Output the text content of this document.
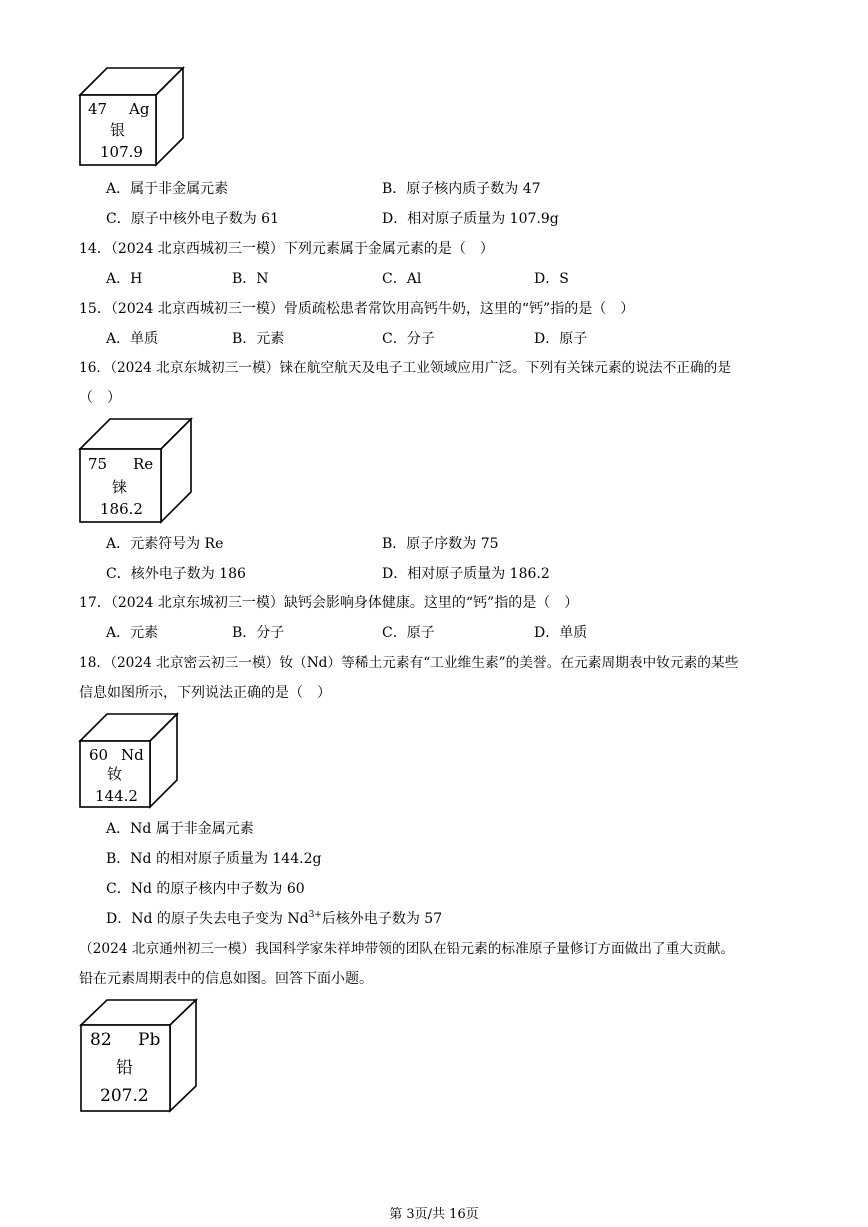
47 Ag
银
107.9
A．属于非金属元素	B．原子核内质子数为 47
C．原子中核外电子数为 61	D．相对原子质量为 107.9g
14．（2024 北京西城初三一模）下列元素属于金属元素的是（　）
A．H	B．N	C．Al	D．S
15．（2024 北京西城初三一模）骨质疏松患者常饮用高钙牛奶，这里的“钙”指的是（　）
A．单质	B．元素	C．分子	D．原子
16．（2024 北京东城初三一模）铼在航空航天及电子工业领域应用广泛。下列有关铼元素的说法不正确的是
（　）
75 Re
铼
186.2
A．元素符号为 Re	B．原子序数为 75
C．核外电子数为 186	D．相对原子质量为 186.2
17．（2024 北京东城初三一模）缺钙会影响身体健康。这里的“钙”指的是（　）
A．元素	B．分子	C．原子	D．单质
18．（2024 北京密云初三一模）钕（Nd）等稀土元素有“工业维生素”的美誉。在元素周期表中钕元素的某些
信息如图所示，下列说法正确的是（　）
60 Nd
钕
144.2
A．Nd 属于非金属元素
B．Nd 的相对原子质量为 144.2g
C．Nd 的原子核内中子数为 60
D．Nd 的原子失去电子变为 $Nd^{3+}$后核外电子数为 57
（2024 北京通州初三一模）我国科学家朱祥坤带领的团队在铅元素的标准原子量修订方面做出了重大贡献。
铅在元素周期表中的信息如图。回答下面小题。
82 Pb
铅
207.2
第 3页/共 16页
